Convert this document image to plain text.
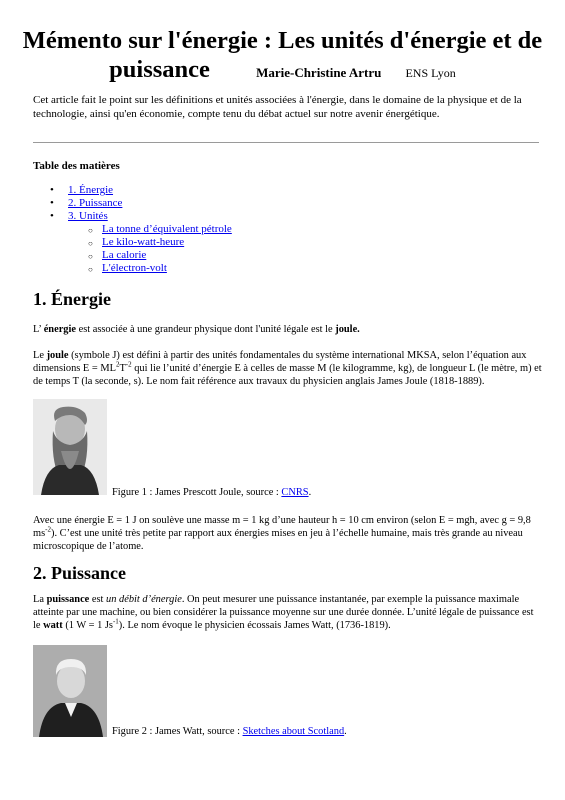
Mémento sur l'énergie : Les unités d'énergie et de
puissance	Marie-Christine Artru ENS Lyon

Cet article fait le point sur les définitions et unités associées à l'énergie, dans le domaine de la physique et de la technologie, ainsi qu'en économie, compte tenu du débat actuel sur notre avenir énergétique.

Table des matières

• 1. Énergie
• 2. Puissance
• 3. Unités
○ La tonne d’équivalent pétrole
○ Le kilo-watt-heure
○ La calorie
○ L'électron-volt
1. Énergie

L’ énergie est associée à une grandeur physique dont l'unité légale est le joule.

Le joule (symbole J) est défini à partir des unités fondamentales du système international MKSA, selon l’équation aux dimensions $E = ML^2T^{-2}$ qui lie l’unité d’énergie E à celles de masse M (le kilogramme, kg), de longueur L (le mètre, m) et de temps T (la seconde, s). Le nom fait référence aux travaux du physicien anglais James Joule (1818-1889).

Figure 1 : James Prescott Joule, source : CNRS.

Avec une énergie E = 1 J on soulève une masse m = 1 kg d’une hauteur h = 10 cm environ (selon E = mgh, avec g = 9,8 $ms^{-2}$). C’est une unité très petite par rapport aux énergies mises en jeu à l’échelle humaine, mais très grande au niveau microscopique de l’atome.

2. Puissance

La puissance est un débit d’énergie. On peut mesurer une puissance instantanée, par exemple la puissance maximale atteinte par une machine, ou bien considérer la puissance moyenne sur une durée donnée. L’unité légale de puissance est le watt (1 W = 1 $Js^{-1}$). Le nom évoque le physicien écossais James Watt, (1736-1819).

Figure 2 : James Watt, source : Sketches about Scotland.
